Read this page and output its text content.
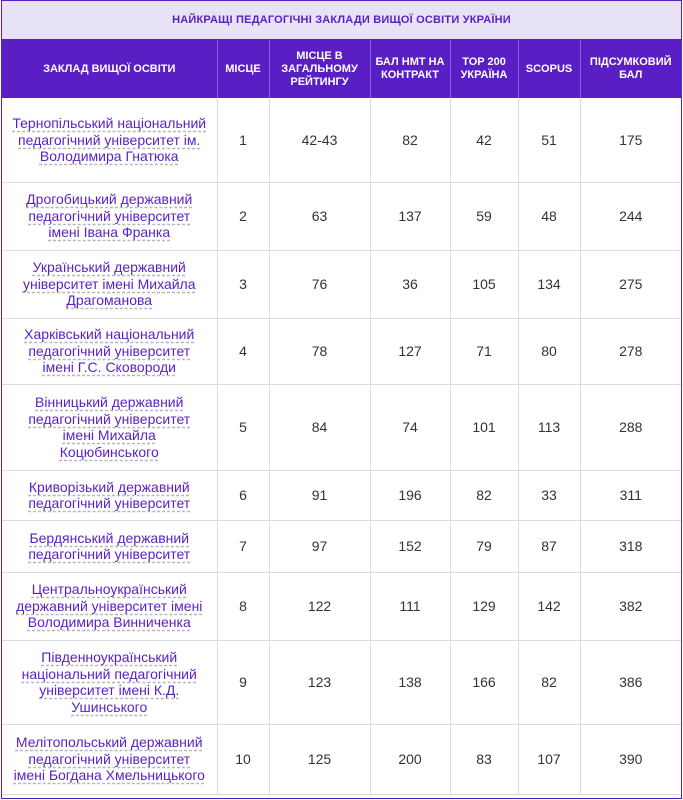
НАЙКРАЩІ ПЕДАГОГІЧНІ ЗАКЛАДИ ВИЩОЇ ОСВІТИ УКРАЇНИ
ЗАКЛАД ВИЩОЇ ОСВІТИ	МІСЦЕ	МІСЦЕ В ЗАГАЛЬНОМУ РЕЙТИНГУ	БАЛ НМТ НА КОНТРАКТ	TOP 200 УКРАЇНА	SCOPUS	ПІДСУМКОВИЙ БАЛ
Тернопільський національний педагогічний університет ім. Володимира Гнатюка	1	42-43	82	42	51	175
Дрогобицький державний педагогічний університет імені Івана Франка	2	63	137	59	48	244
Український державний університет імені Михайла Драгоманова	3	76	36	105	134	275
Харківський національний педагогічний університет імені Г.С. Сковороди	4	78	127	71	80	278
Вінницький державний педагогічний університет імені Михайла Коцюбинського	5	84	74	101	113	288
Криворізький державний педагогічний університет	6	91	196	82	33	311
Бердянський державний педагогічний університет	7	97	152	79	87	318
Центральноукраїнський державний університет імені Володимира Винниченка	8	122	111	129	142	382
Південноукраїнський національний педагогічний університет імені К.Д. Ушинського	9	123	138	166	82	386
Мелітопольський державний педагогічний університет імені Богдана Хмельницького	10	125	200	83	107	390
